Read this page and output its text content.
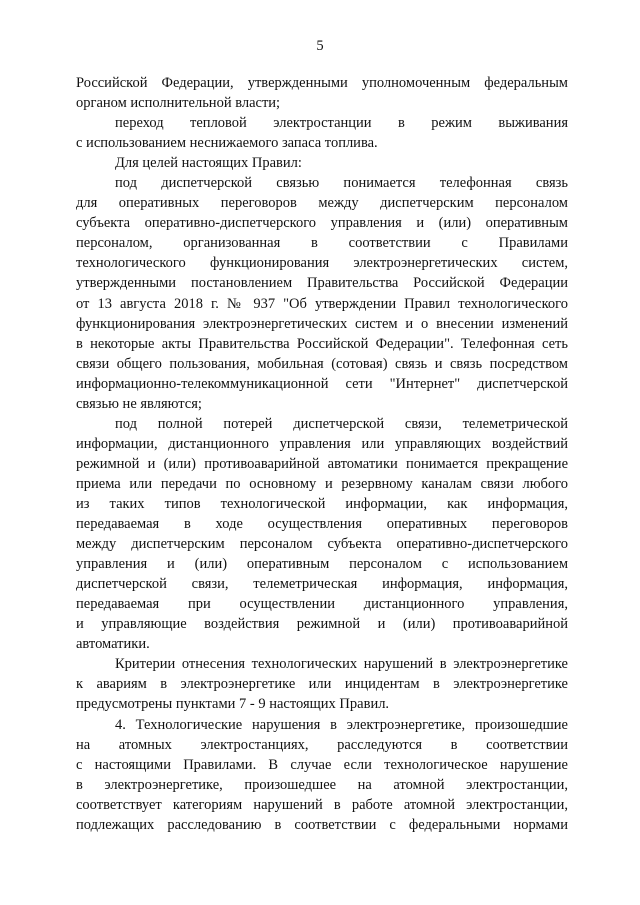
5
Российской Федерации, утвержденными уполномоченным федеральным
органом исполнительной власти;
переход тепловой электростанции в режим выживания
с использованием неснижаемого запаса топлива.
Для целей настоящих Правил:
под диспетчерской связью понимается телефонная связь
для оперативных переговоров между диспетчерским персоналом
субъекта оперативно-диспетчерского управления и (или) оперативным
персоналом, организованная в соответствии с Правилами
технологического функционирования электроэнергетических систем,
утвержденными постановлением Правительства Российской Федерации
от 13 августа 2018 г. № 937 "Об утверждении Правил технологического
функционирования электроэнергетических систем и о внесении изменений
в некоторые акты Правительства Российской Федерации". Телефонная сеть
связи общего пользования, мобильная (сотовая) связь и связь посредством
информационно-телекоммуникационной сети "Интернет" диспетчерской
связью не являются;
под полной потерей диспетчерской связи, телеметрической
информации, дистанционного управления или управляющих воздействий
режимной и (или) противоаварийной автоматики понимается прекращение
приема или передачи по основному и резервному каналам связи любого
из таких типов технологической информации, как информация,
передаваемая в ходе осуществления оперативных переговоров
между диспетчерским персоналом субъекта оперативно-диспетчерского
управления и (или) оперативным персоналом с использованием
диспетчерской связи, телеметрическая информация, информация,
передаваемая при осуществлении дистанционного управления,
и управляющие воздействия режимной и (или) противоаварийной
автоматики.
Критерии отнесения технологических нарушений в электроэнергетике
к авариям в электроэнергетике или инцидентам в электроэнергетике
предусмотрены пунктами 7 - 9 настоящих Правил.
4. Технологические нарушения в электроэнергетике, произошедшие
на атомных электростанциях, расследуются в соответствии
с настоящими Правилами. В случае если технологическое нарушение
в электроэнергетике, произошедшее на атомной электростанции,
соответствует категориям нарушений в работе атомной электростанции,
подлежащих расследованию в соответствии с федеральными нормами
